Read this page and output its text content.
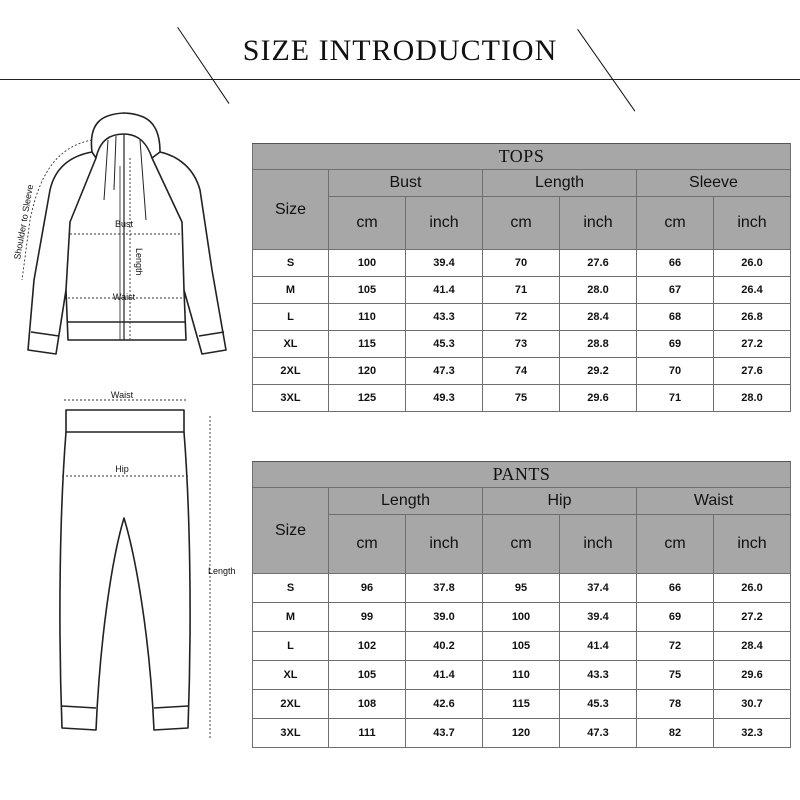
SIZE INTRODUCTION
Bust
Waist
Length
Shoulder to Sleeve
Waist
Hip
Length
TOPS						
Size	Bust		Length		Sleeve	
	cm	inch	cm	inch	cm	inch
S	100	39.4	70	27.6	66	26.0
M	105	41.4	71	28.0	67	26.4
L	110	43.3	72	28.4	68	26.8
XL	115	45.3	73	28.8	69	27.2
2XL	120	47.3	74	29.2	70	27.6
3XL	125	49.3	75	29.6	71	28.0
PANTS						
Size	Length		Hip		Waist	
	cm	inch	cm	inch	cm	inch
S	96	37.8	95	37.4	66	26.0
M	99	39.0	100	39.4	69	27.2
L	102	40.2	105	41.4	72	28.4
XL	105	41.4	110	43.3	75	29.6
2XL	108	42.6	115	45.3	78	30.7
3XL	111	43.7	120	47.3	82	32.3
